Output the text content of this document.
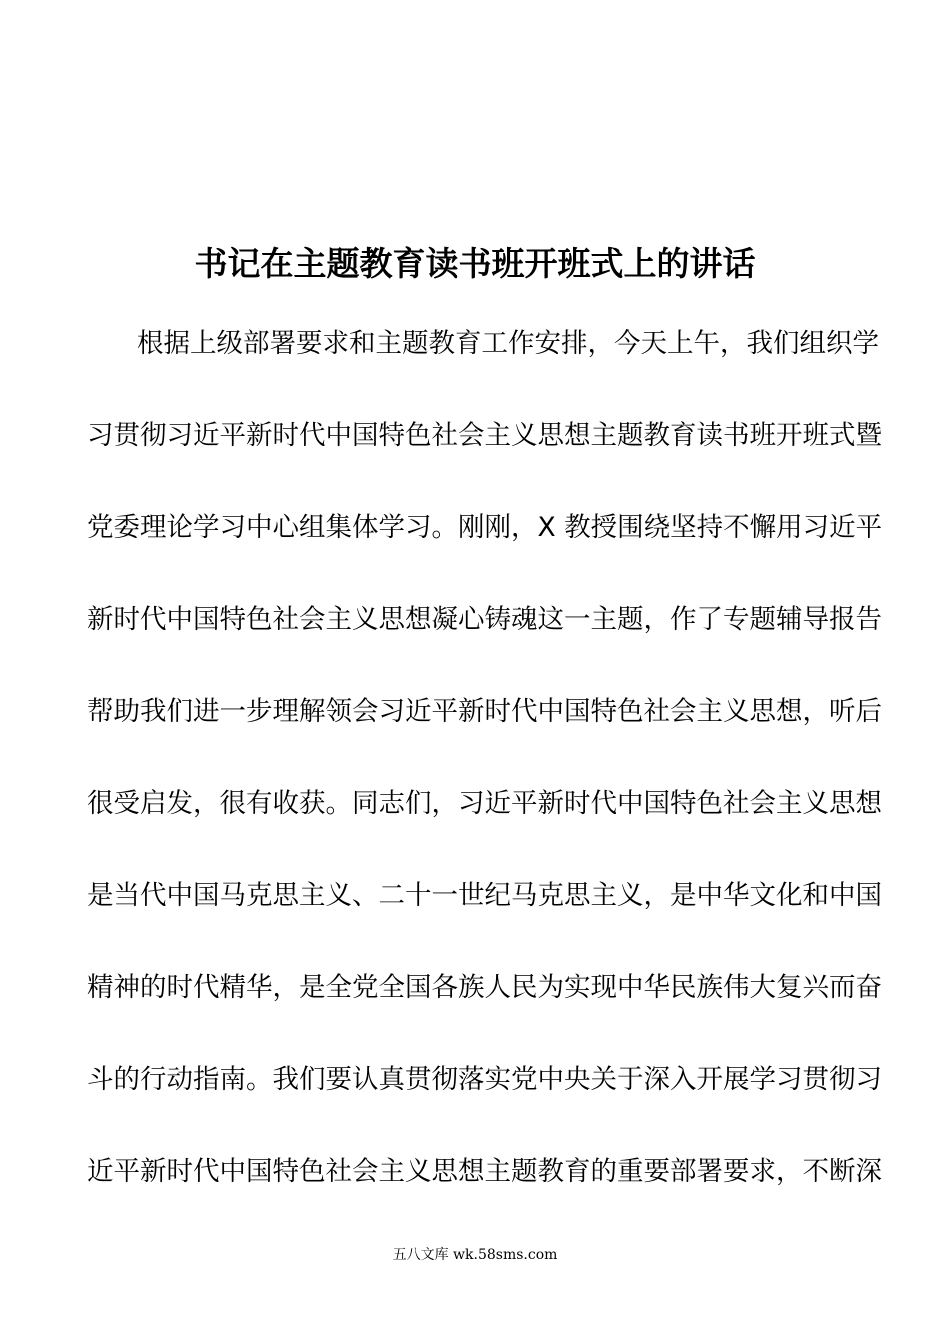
书记在主题教育读书班开班式上的讲话
根据上级部署要求和主题教育工作安排，今天上午，我们组织学
习贯彻习近平新时代中国特色社会主义思想主题教育读书班开班式暨
党委理论学习中心组集体学习。刚刚，X 教授围绕坚持不懈用习近平
新时代中国特色社会主义思想凝心铸魂这一主题，作了专题辅导报告
帮助我们进一步理解领会习近平新时代中国特色社会主义思想，听后
很受启发，很有收获。同志们，习近平新时代中国特色社会主义思想
是当代中国马克思主义、二十一世纪马克思主义，是中华文化和中国
精神的时代精华，是全党全国各族人民为实现中华民族伟大复兴而奋
斗的行动指南。我们要认真贯彻落实党中央关于深入开展学习贯彻习
近平新时代中国特色社会主义思想主题教育的重要部署要求，不断深
五八文库 wk.58sms.com
